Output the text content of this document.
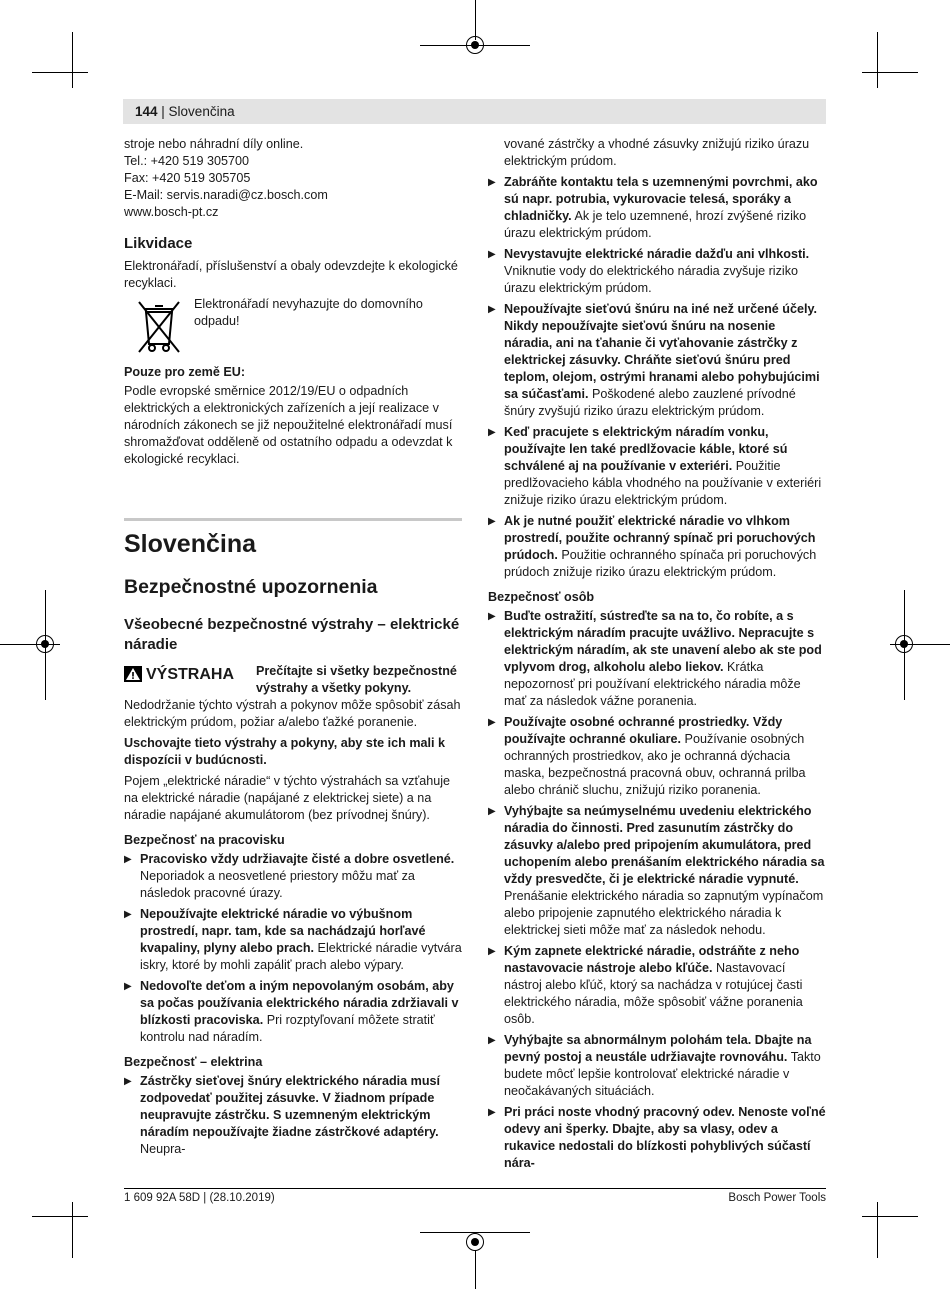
144 | Slovenčina

stroje nebo náhradní díly online.

Tel.: +420 519 305700

Fax: +420 519 305705

E-Mail: servis.naradi@cz.bosch.com

www.bosch-pt.cz

Likvidace

Elektronářadí, příslušenství a obaly odevzdejte k ekologické recyklaci.

Elektronářadí nevyhazujte do domovního odpadu!

Pouze pro země EU:

Podle evropské směrnice 2012/19/EU o odpadních elektrických a elektronických zařízeních a její realizace v národních zákonech se již nepoužitelné elektronářadí musí shromažďovat odděleně od ostatního odpadu a odevzdat k ekologické recyklaci.

Slovenčina
Bezpečnostné upozornenia
Všeobecné bezpečnostné výstrahy – elektrické náradie
VÝSTRAHA Prečítajte si všetky bezpečnostné výstrahy a všetky pokyny.

Nedodržanie týchto výstrah a pokynov môže spôsobiť zásah elektrickým prúdom, požiar a/alebo ťažké poranenie.

Uschovajte tieto výstrahy a pokyny, aby ste ich mali k dispozícii v budúcnosti.

Pojem „elektrické náradie“ v týchto výstrahách sa vzťahuje na elektrické náradie (napájané z elektrickej siete) a na náradie napájané akumulátorom (bez prívodnej šnúry).

Bezpečnosť na pracovisku
▶ Pracovisko vždy udržiavajte čisté a dobre osvetlené. Neporiadok a neosvetlené priestory môžu mať za následok pracovné úrazy.
▶ Nepoužívajte elektrické náradie vo výbušnom prostredí, napr. tam, kde sa nachádzajú horľavé kvapaliny, plyny alebo prach. Elektrické náradie vytvára iskry, ktoré by mohli zapáliť prach alebo výpary.
▶ Nedovoľte deťom a iným nepovolaným osobám, aby sa počas používania elektrického náradia zdržiavali v blízkosti pracoviska. Pri rozptyľovaní môžete stratiť kontrolu nad náradím.
Bezpečnosť – elektrina
▶ Zástrčky sieťovej šnúry elektrického náradia musí zodpovedať použitej zásuvke. V žiadnom prípade neupravujte zástrčku. S uzemneným elektrickým náradím nepoužívajte žiadne zástrčkové adaptéry. Neupra-

vované zástrčky a vhodné zásuvky znižujú riziko úrazu elektrickým prúdom.

▶ Zabráňte kontaktu tela s uzemnenými povrchmi, ako sú napr. potrubia, vykurovacie telesá, sporáky a chladničky. Ak je telo uzemnené, hrozí zvýšené riziko úrazu elektrickým prúdom.
▶ Nevystavujte elektrické náradie dažďu ani vlhkosti. Vniknutie vody do elektrického náradia zvyšuje riziko úrazu elektrickým prúdom.
▶ Nepoužívajte sieťovú šnúru na iné než určené účely. Nikdy nepoužívajte sieťovú šnúru na nosenie náradia, ani na ťahanie či vyťahovanie zástrčky z elektrickej zásuvky. Chráňte sieťovú šnúru pred teplom, olejom, ostrými hranami alebo pohybujúcimi sa súčasťami. Poškodené alebo zauzlené prívodné šnúry zvyšujú riziko úrazu elektrickým prúdom.
▶ Keď pracujete s elektrickým náradím vonku, používajte len také predlžovacie káble, ktoré sú schválené aj na používanie v exteriéri. Použitie predlžovacieho kábla vhodného na používanie v exteriéri znižuje riziko úrazu elektrickým prúdom.
▶ Ak je nutné použiť elektrické náradie vo vlhkom prostredí, použite ochranný spínač pri poruchových prúdoch. Použitie ochranného spínača pri poruchových prúdoch znižuje riziko úrazu elektrickým prúdom.
Bezpečnosť osôb
▶ Buďte ostražití, sústreďte sa na to, čo robíte, a s elektrickým náradím pracujte uvážlivo. Nepracujte s elektrickým náradím, ak ste unavení alebo ak ste pod vplyvom drog, alkoholu alebo liekov. Krátka nepozornosť pri používaní elektrického náradia môže mať za následok vážne poranenia.
▶ Používajte osobné ochranné prostriedky. Vždy používajte ochranné okuliare. Používanie osobných ochranných prostriedkov, ako je ochranná dýchacia maska, bezpečnostná pracovná obuv, ochranná prilba alebo chránič sluchu, znižujú riziko poranenia.
▶ Vyhýbajte sa neúmyselnému uvedeniu elektrického náradia do činnosti. Pred zasunutím zástrčky do zásuvky a/alebo pred pripojením akumulátora, pred uchopením alebo prenášaním elektrického náradia sa vždy presvedčte, či je elektrické náradie vypnuté. Prenášanie elektrického náradia so zapnutým vypínačom alebo pripojenie zapnutého elektrického náradia k elektrickej sieti môže mať za následok nehodu.
▶ Kým zapnete elektrické náradie, odstráňte z neho nastavovacie nástroje alebo kľúče. Nastavovací nástroj alebo kľúč, ktorý sa nachádza v rotujúcej časti elektrického náradia, môže spôsobiť vážne poranenia osôb.
▶ Vyhýbajte sa abnormálnym polohám tela. Dbajte na pevný postoj a neustále udržiavajte rovnováhu. Takto budete môcť lepšie kontrolovať elektrické náradie v neočakávaných situáciách.
▶ Pri práci noste vhodný pracovný odev. Nenoste voľné odevy ani šperky. Dbajte, aby sa vlasy, odev a rukavice nedostali do blízkosti pohyblivých súčastí nára-
1 609 92A 58D | (28.10.2019)	Bosch Power Tools
